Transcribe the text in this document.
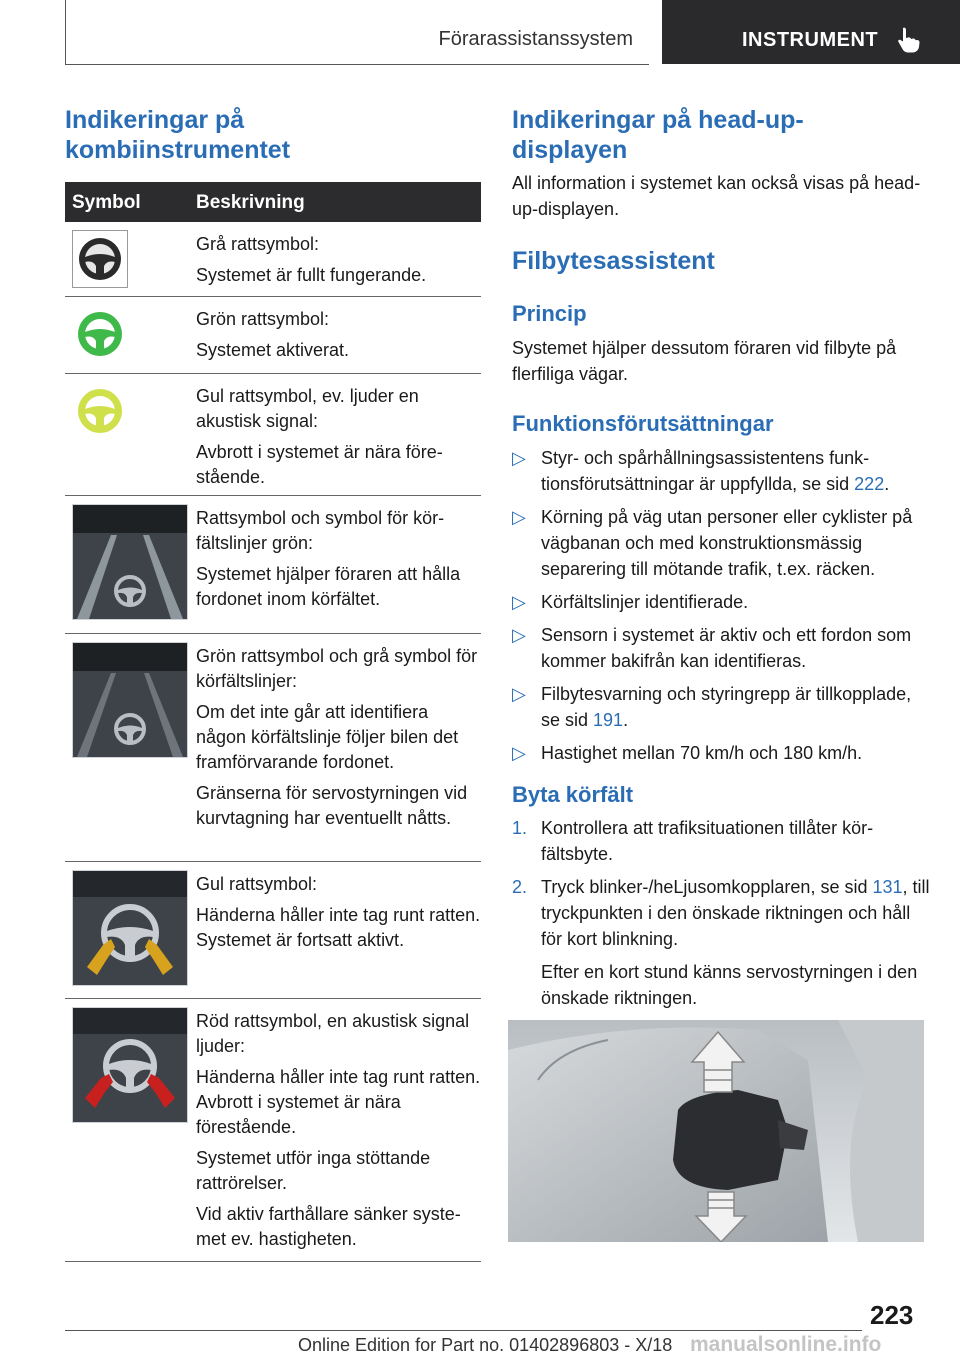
Förarassistanssystem	INSTRUMENT
Indikeringar på kombiinstrumentet
Symbol	Beskrivning

Grå rattsymbol:

Systemet är fullt fungerande.

Grön rattsymbol:

Systemet aktiverat.

Gul rattsymbol, ev. ljuder en akustisk signal:

Avbrott i systemet är nära förestående.

Rattsymbol och symbol för körfältslinjer grön:

Systemet hjälper föraren att hålla fordonet inom körfältet.

Grön rattsymbol och grå symbol för körfältslinjer:

Om det inte går att identifiera någon körfältslinje följer bilen det framförvarande fordonet.

Gränserna för servostyrningen vid kurvtagning har eventuellt nåtts.

Gul rattsymbol:

Händerna håller inte tag runt ratten. Systemet är fortsatt aktivt.

Röd rattsymbol, en akustisk signal ljuder:

Händerna håller inte tag runt ratten. Avbrott i systemet är nära förestående.

Systemet utför inga stöttande rattrörelser.

Vid aktiv farthållare sänker systemet ev. hastigheten.

Indikeringar på head-up-displayen

All information i systemet kan också visas på head-up-displayen.

Filbytesassistent
Princip

Systemet hjälper dessutom föraren vid filbyte på flerfiliga vägar.

Funktionsförutsättningar
▷ Styr- och spårhållningsassistentens funktionsförutsättningar är uppfyllda, se sid 222.
▷ Körning på väg utan personer eller cyklister på vägbanan och med konstruktionsmässig separering till mötande trafik, t.ex. räcken.
▷ Körfältslinjer identifierade.
▷ Sensorn i systemet är aktiv och ett fordon som kommer bakifrån kan identifieras.
▷ Filbytesvarning och styringrepp är tillkopplade, se sid 191.
▷ Hastighet mellan 70 km/h och 180 km/h.
Byta körfält
1. Kontrollera att trafiksituationen tillåter körfältsbyte.
2. Tryck blinker-/heLjusomkopplaren, se sid 131, till tryckpunkten i den önskade riktningen och håll för kort blinkning.
Efter en kort stund känns servostyrningen i den önskade riktningen.
223
Online Edition for Part no. 01402896803 - X/18 manualsonline.info
